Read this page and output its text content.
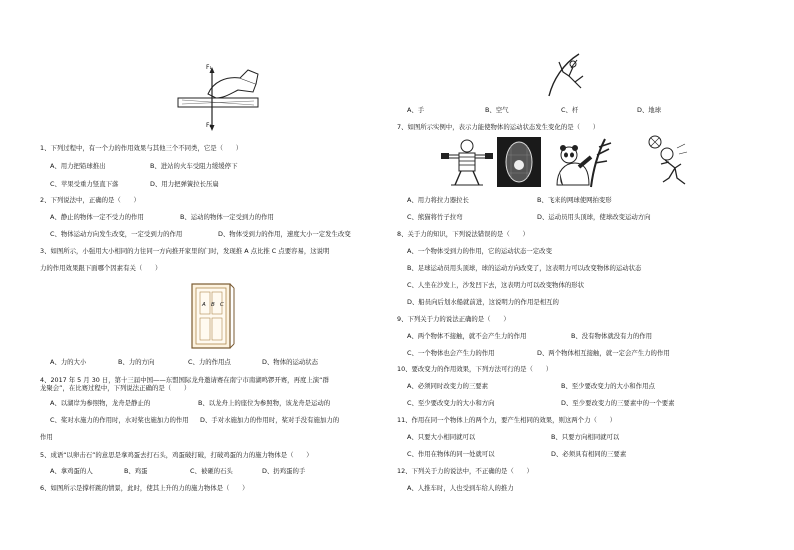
F₁
F₂
1、下列过程中，有一个力的作用效果与其他三个不同类，它是（　　）
A、用力把铅球推出	B、进站的火车受阻力缓缓停下
C、苹果受重力竖直下落	D、用力把弹簧拉长压扁
2、下列说法中，正确的是（　　）
A、静止的物体一定不受力的作用	B、运动的物体一定受到力的作用
C、物体运动方向发生改变，一定受到力的作用	D、物体受到力的作用，速度大小一定发生改变
3、如图所示，小强用大小相同的力往同一方向推开家里的门时，发现推 A 点比推 C 点要容易，这说明
力的作用效果跟下面哪个因素有关（　　）
A B C
A、力的大小	B、力的方向	C、力的作用点	D、物体的运动状态
4、2017 年 5 月 30 日，第十三届中国——东盟国际龙舟邀请赛在南宁市南湖鸣锣开赛，再度上演“群
龙聚会”，在比赛过程中，下列说法正确的是（　　）
A、以湖岸为参照物，龙舟是静止的	B、以龙舟上的座位为参照物，该龙舟是运动的
C、桨对水施力的作用时，水对桨也施加力的作用 D、手对水施加力的作用时，桨对手没有施加力的
作用
5、成语“以卵击石”的意思是拿鸡蛋去打石头，鸡蛋破打破，打破鸡蛋的力的施力物体是（　　）
A、拿鸡蛋的人	B、鸡蛋	C、被砸的石头	D、扔鸡蛋的手
6、如图所示是撑杆跳的情景，此时，使其上升的力的施力物体是（　　）
A、手	B、空气	C、杆	D、地球
7、如图所示实例中，表示力能使物体的运动状态发生变化的是（　　）
A、用力将拉力器拉长	B、飞来的网球使网拍变形
C、熊猫将竹子拉弯	D、运动员用头顶球，使球改变运动方向
8、关于力的知识，下列说法错误的是（　　）
A、一个物体受到力的作用，它的运动状态一定改变
B、足球运动员用头顶球，球的运动方向改变了，这表明力可以改变物体的运动状态
C、人坐在沙发上，沙发凹下去，这表明力可以改变物体的形状
D、船员向后划水船就前进，这说明力的作用是相互的
9、下列关于力的说法正确的是（　　）
A、两个物体不接触，就不会产生力的作用	B、没有物体就没有力的作用
C、一个物体也会产生力的作用	D、两个物体相互接触，就一定会产生力的作用
10、要改变力的作用效果，下列方法可行的是（　　）
A、必须同时改变力的三要素	B、至少要改变力的大小和作用点
C、至少要改变力的大小和方向	D、至少要改变力的三要素中的一个要素
11、作用在同一个物体上的两个力，要产生相同的效果，则这两个力（　　）
A、只要大小相同就可以	B、只要方向相同就可以
C、作用在物体的同一处就可以	D、必须具有相同的三要素
12、下列关于力的说法中，不正确的是（　　）
A、人推车时，人也受到车给人的推力
